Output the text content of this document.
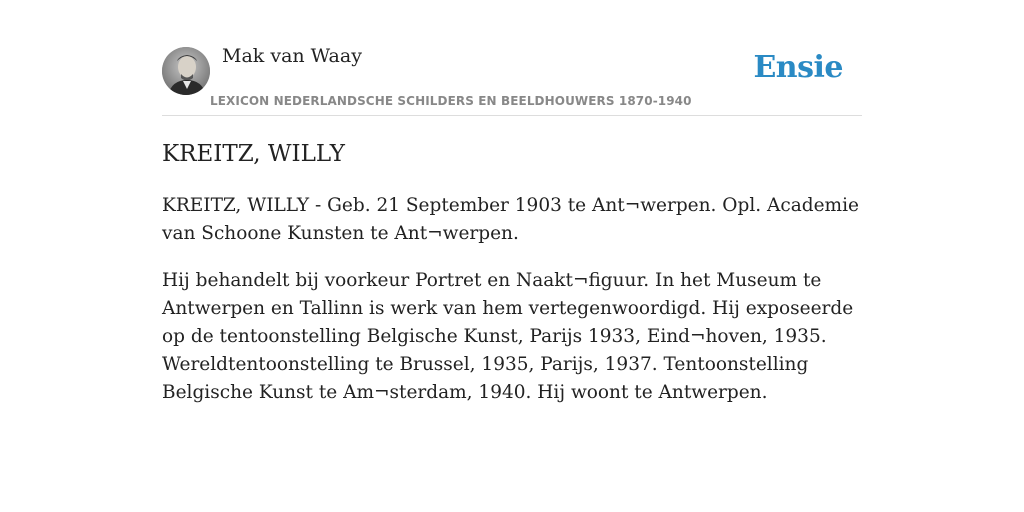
Mak van Waay
LEXICON NEDERLANDSCHE SCHILDERS EN BEELDHOUWERS 1870-1940
Ensie
KREITZ, WILLY

KREITZ, WILLY - Geb. 21 September 1903 te Ant¬werpen. Opl. Academie van Schoone Kunsten te Ant¬werpen.

Hij behandelt bij voorkeur Portret en Naakt¬figuur. In het Museum te Antwerpen en Tallinn is werk van hem vertegenwoordigd. Hij exposeerde op de tentoonstelling Belgische Kunst, Parijs 1933, Eind¬hoven, 1935. Wereldtentoonstelling te Brussel, 1935, Parijs, 1937. Tentoonstelling Belgische Kunst te Am¬sterdam, 1940. Hij woont te Antwerpen.
